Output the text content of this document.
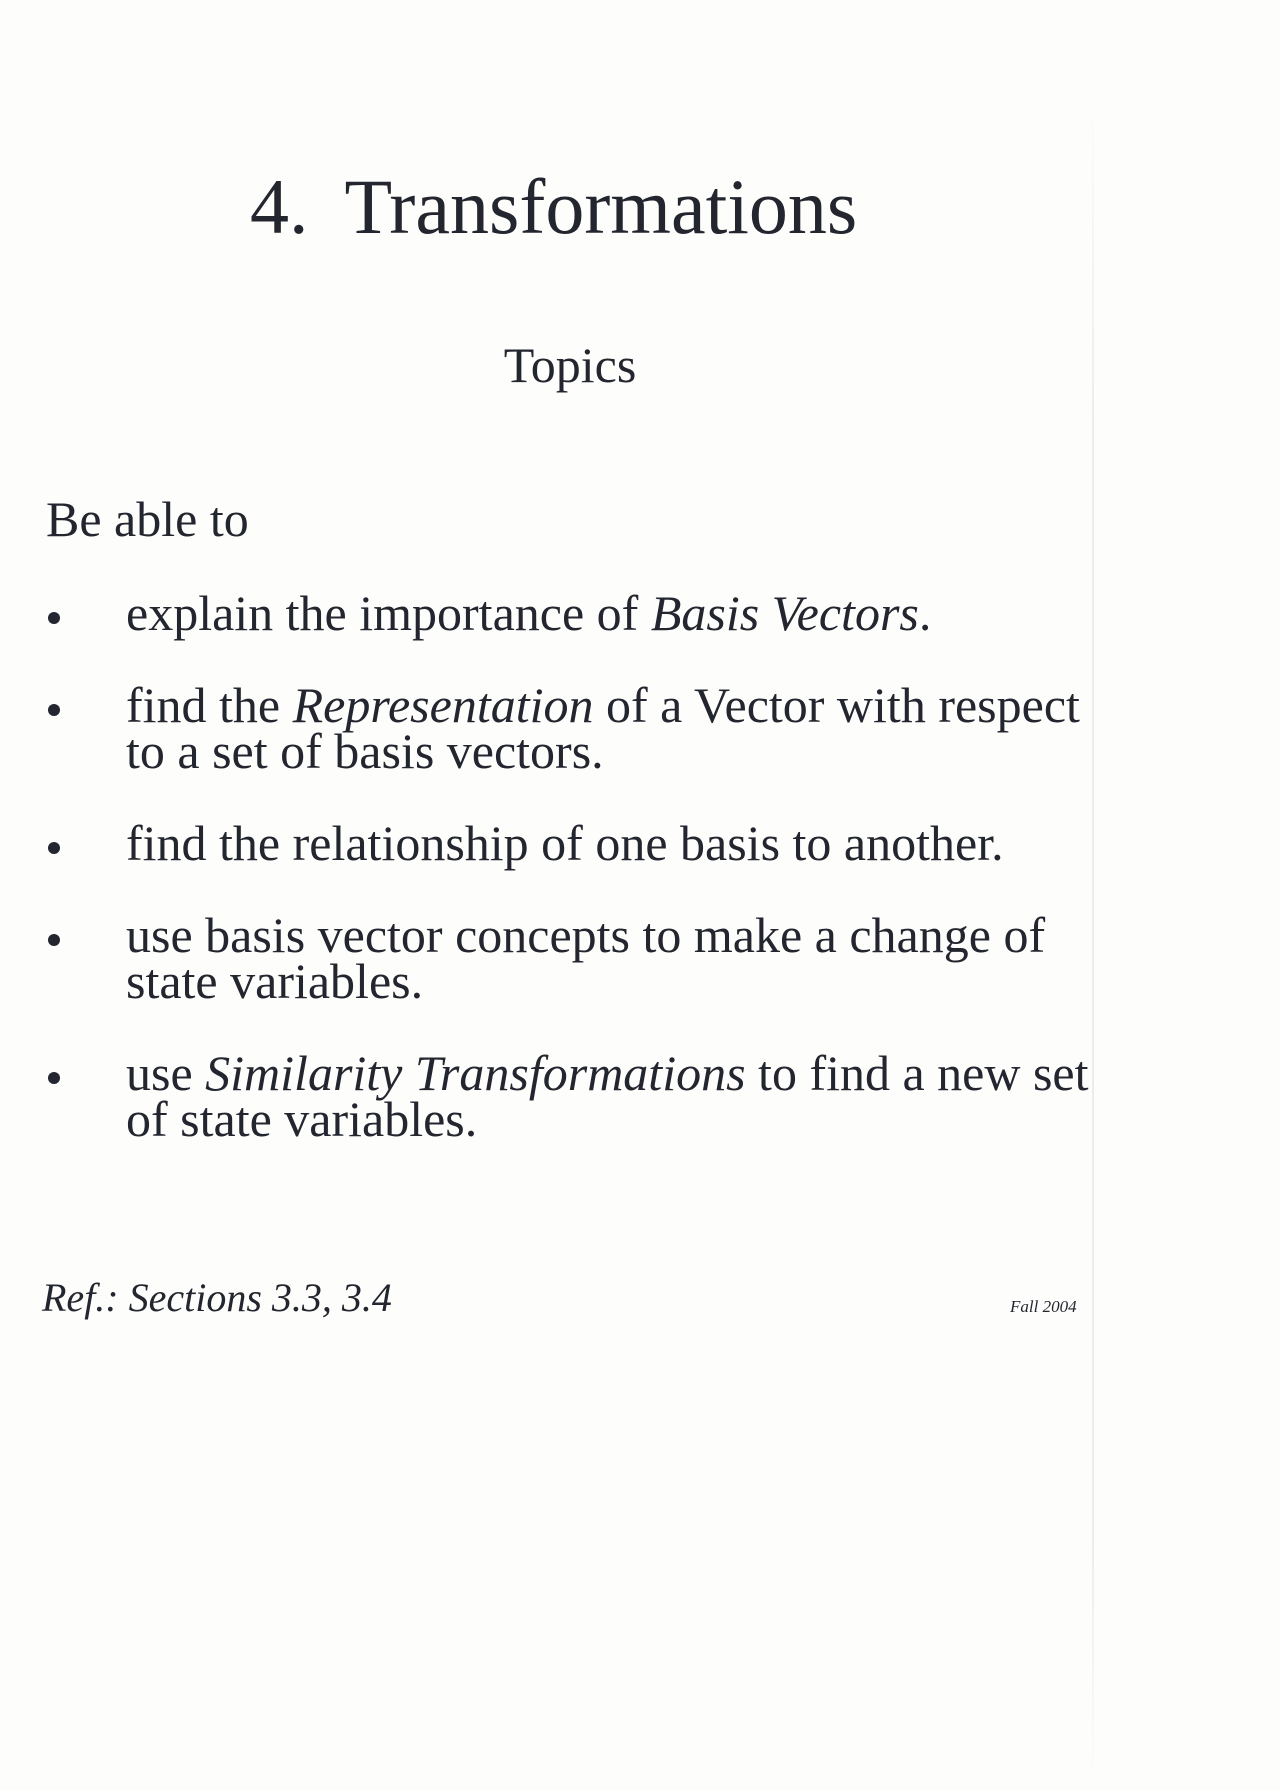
4. Transformations
Topics
Be able to
explain the importance of Basis Vectors.
find the Representation of a Vector with respect to a set of basis vectors.
find the relationship of one basis to another.
use basis vector concepts to make a change of state variables.
use Similarity Transformations to find a new set of state variables.
Ref.: Sections 3.3, 3.4	Fall 2004
